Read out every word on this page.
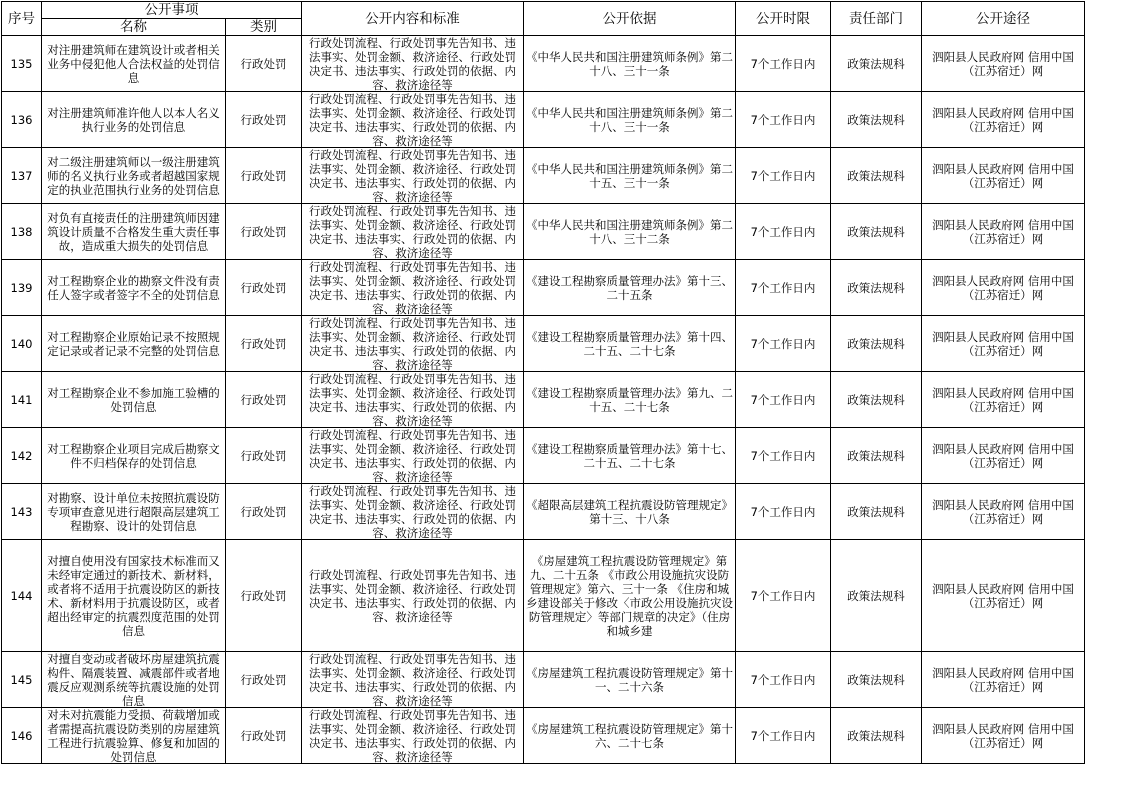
序号	公开事项		公开内容和标准	公开依据	公开时限	责任部门	公开途径
	名称	类别					

135	对注册建筑师在建筑设计或者相关业务中侵犯他人合法权益的处罚信息	行政处罚	行政处罚流程、行政处罚事先告知书、违法事实、处罚金额、救济途径、行政处罚决定书、违法事实、行政处罚的依据、内容、救济途径等	《中华人民共和国注册建筑师条例》第二十八、三十一条	7个工作日内	政策法规科	泗阳县人民政府网 信用中国（江苏宿迁）网

136	对注册建筑师准许他人以本人名义执行业务的处罚信息	行政处罚	行政处罚流程、行政处罚事先告知书、违法事实、处罚金额、救济途径、行政处罚决定书、违法事实、行政处罚的依据、内容、救济途径等	《中华人民共和国注册建筑师条例》第二十八、三十一条	7个工作日内	政策法规科	泗阳县人民政府网 信用中国（江苏宿迁）网

137	对二级注册建筑师以一级注册建筑师的名义执行业务或者超越国家规定的执业范围执行业务的处罚信息	行政处罚	行政处罚流程、行政处罚事先告知书、违法事实、处罚金额、救济途径、行政处罚决定书、违法事实、行政处罚的依据、内容、救济途径等	《中华人民共和国注册建筑师条例》第二十五、三十一条	7个工作日内	政策法规科	泗阳县人民政府网 信用中国（江苏宿迁）网

138	对负有直接责任的注册建筑师因建筑设计质量不合格发生重大责任事故，造成重大损失的处罚信息	行政处罚	行政处罚流程、行政处罚事先告知书、违法事实、处罚金额、救济途径、行政处罚决定书、违法事实、行政处罚的依据、内容、救济途径等	《中华人民共和国注册建筑师条例》第二十八、三十二条	7个工作日内	政策法规科	泗阳县人民政府网 信用中国（江苏宿迁）网

139	对工程勘察企业的勘察文件没有责任人签字或者签字不全的处罚信息	行政处罚	行政处罚流程、行政处罚事先告知书、违法事实、处罚金额、救济途径、行政处罚决定书、违法事实、行政处罚的依据、内容、救济途径等	《建设工程勘察质量管理办法》第十三、二十五条	7个工作日内	政策法规科	泗阳县人民政府网 信用中国（江苏宿迁）网

140	对工程勘察企业原始记录不按照规定记录或者记录不完整的处罚信息	行政处罚	行政处罚流程、行政处罚事先告知书、违法事实、处罚金额、救济途径、行政处罚决定书、违法事实、行政处罚的依据、内容、救济途径等	《建设工程勘察质量管理办法》第十四、二十五、二十七条	7个工作日内	政策法规科	泗阳县人民政府网 信用中国（江苏宿迁）网

141	对工程勘察企业不参加施工验槽的处罚信息	行政处罚	行政处罚流程、行政处罚事先告知书、违法事实、处罚金额、救济途径、行政处罚决定书、违法事实、行政处罚的依据、内容、救济途径等	《建设工程勘察质量管理办法》第九、二十五、二十七条	7个工作日内	政策法规科	泗阳县人民政府网 信用中国（江苏宿迁）网

142	对工程勘察企业项目完成后勘察文件不归档保存的处罚信息	行政处罚	行政处罚流程、行政处罚事先告知书、违法事实、处罚金额、救济途径、行政处罚决定书、违法事实、行政处罚的依据、内容、救济途径等	《建设工程勘察质量管理办法》第十七、二十五、二十七条	7个工作日内	政策法规科	泗阳县人民政府网 信用中国（江苏宿迁）网

143	对勘察、设计单位未按照抗震设防专项审查意见进行超限高层建筑工程勘察、设计的处罚信息	行政处罚	行政处罚流程、行政处罚事先告知书、违法事实、处罚金额、救济途径、行政处罚决定书、违法事实、行政处罚的依据、内容、救济途径等	《超限高层建筑工程抗震设防管理规定》第十三、十八条	7个工作日内	政策法规科	泗阳县人民政府网 信用中国（江苏宿迁）网

144	对擅自使用没有国家技术标准而又未经审定通过的新技术、新材料，或者将不适用于抗震设防区的新技术、新材料用于抗震设防区，或者超出经审定的抗震烈度范围的处罚信息	行政处罚	行政处罚流程、行政处罚事先告知书、违法事实、处罚金额、救济途径、行政处罚决定书、违法事实、行政处罚的依据、内容、救济途径等	《房屋建筑工程抗震设防管理规定》第九、二十五条 《市政公用设施抗灾设防管理规定》第六、三十一条 《住房和城乡建设部关于修改〈市政公用设施抗灾设防管理规定〉等部门规章的决定》（住房和城乡建	7个工作日内	政策法规科	泗阳县人民政府网 信用中国（江苏宿迁）网

145	对擅自变动或者破坏房屋建筑抗震构件、隔震装置、减震部件或者地震反应观测系统等抗震设施的处罚信息	行政处罚	行政处罚流程、行政处罚事先告知书、违法事实、处罚金额、救济途径、行政处罚决定书、违法事实、行政处罚的依据、内容、救济途径等	《房屋建筑工程抗震设防管理规定》第十一、二十六条	7个工作日内	政策法规科	泗阳县人民政府网 信用中国（江苏宿迁）网

146	对未对抗震能力受损、荷载增加或者需提高抗震设防类别的房屋建筑工程进行抗震验算、修复和加固的处罚信息	行政处罚	行政处罚流程、行政处罚事先告知书、违法事实、处罚金额、救济途径、行政处罚决定书、违法事实、行政处罚的依据、内容、救济途径等	《房屋建筑工程抗震设防管理规定》第十六、二十七条	7个工作日内	政策法规科	泗阳县人民政府网 信用中国（江苏宿迁）网
